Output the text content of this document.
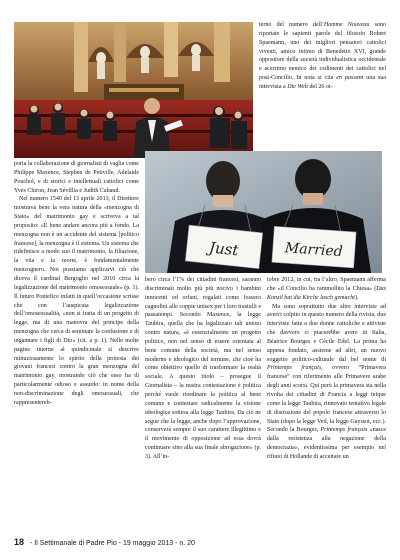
Just	Married

terno del numero dell’Homme Nouveau sono riportate le sapienti parole del filosofo Robert Spaemann, uno dei migliori pensatori cattolici viventi, amico intimo di Benedetto XVI, grande oppositore della società individualistica occidentale e acerrimo nemico dei cedimenti dei cattolici nel post-Concilio. In nota si cita en passant una sua intervista a Die Welt del 26 ot-

porta la collaborazione di giornalisti di vaglia come Philippe Maxence, Stephen de Petiville, Adelaide Pouchol, e di storici e intellettuali cattolici come Yves Chiron, Jean Sévillia e Judith Cabaud.

Nel numero 1540 del 13 aprile 2013, il Direttore mostrava bene la vera natura della «menzogna di Stato» del matrimonio gay e scriveva a tal proposito: «È bene andare ancora più a fondo. La menzogna non è un accidente del sistema [politico francese], la menzogna è il sistema. Un sistema che ridefinisce a modo suo il matrimonio, la filiazione, la vita e la morte, è fondamentalmente menzognero. Noi possiamo applicarvi ciò che diceva il cardinal Bergoglio nel 2010 circa la legalizzazione del matrimonio omosessuale» (p. 1). Il futuro Pontefice infatti in quell’occasione scrisse che con l’auspicata legalizzazione dell’omosessualità, «non si tratta di un progetto di legge, ma di una manovra del principe della menzogna che cerca di seminare la confusione e di ingannare i figli di Dio» (cit. a p. 1). Nelle molte pagine interne al quindicinale si descrive minuziosamente lo spirito della protesta dei giovani francesi contro la gran menzogna del matrimonio gay, mostrando ciò che esso ha di particolarmente odioso e assurdo: in nome della non-discriminazione degli omosessuali, che rappresentereb-

bero circa l’1% dei cittadini francesi, saranno discriminati molto più più nocivo i bambini innocenti ed orfani, regalati come fossero cagnolini alle coppie unisex per i loro trastulli e passatempi. Secondo Maxence, la legge Taubira, quella che ha legalizzato tali unioni contro natura, «è essenzialmente un progetto politico, non nel senso di essere orientata al bene comune della società, ma nel senso moderno e ideologico del termine, che cioè ha come obiettivo quello di trasformare la realtà sociale. A questo titolo – prosegue il Giornalista – la nostra contestazione è politica perché vuole riordinare la politica al bene comune e contestare radicalmente la visione ideologica sottesa alla legge Taubira. Da ciò ne segue che la legge, anche dopo l’approvazione, conserverà sempre il suo carattere illegittimo e il movimento di opposizione ad essa dovrà continuare sino alla sua finale abrogazione» (p. 3). All’in-

tobre 2012, in cui, tra l’altro, Spaemann afferma che «il Concilio ha rammollito la Chiesa» (Das Konzil hat die Kirche lasch gemacht).

Ma sono soprattutto due altre interviste ad averci colpito in questo numero della rivista, due interviste fatte a due donne cattoliche e attiviste che davvero ci piacerebbe avere in Italia, Béatrice Bourges e Cécile Edel. La prima ha appena fondato, assieme ad altri, un nuovo soggetto politico-culturale dal bel nome di Printemps français, ovvero “Primavera francese” con riferimento alle Primavere arabe degli anni scorsi. Qui però la primavera sta nella rivolta dei cittadini di Francia a leggi inique come la legge Taubira, rinnovato tentativo legale di distruzione del popolo francese attraverso lo Stato (dopo la legge Veil, la legge Gayssot, ecc.). Secondo la Bourges, Printemps français «nasce dalla resistenza alla negazione della democrazia», evidentissima per esempio nel rifiuto di Hollande di accettare un

18 - Il Settimanale di Padre Pio - 19 maggio 2013 - n. 20
